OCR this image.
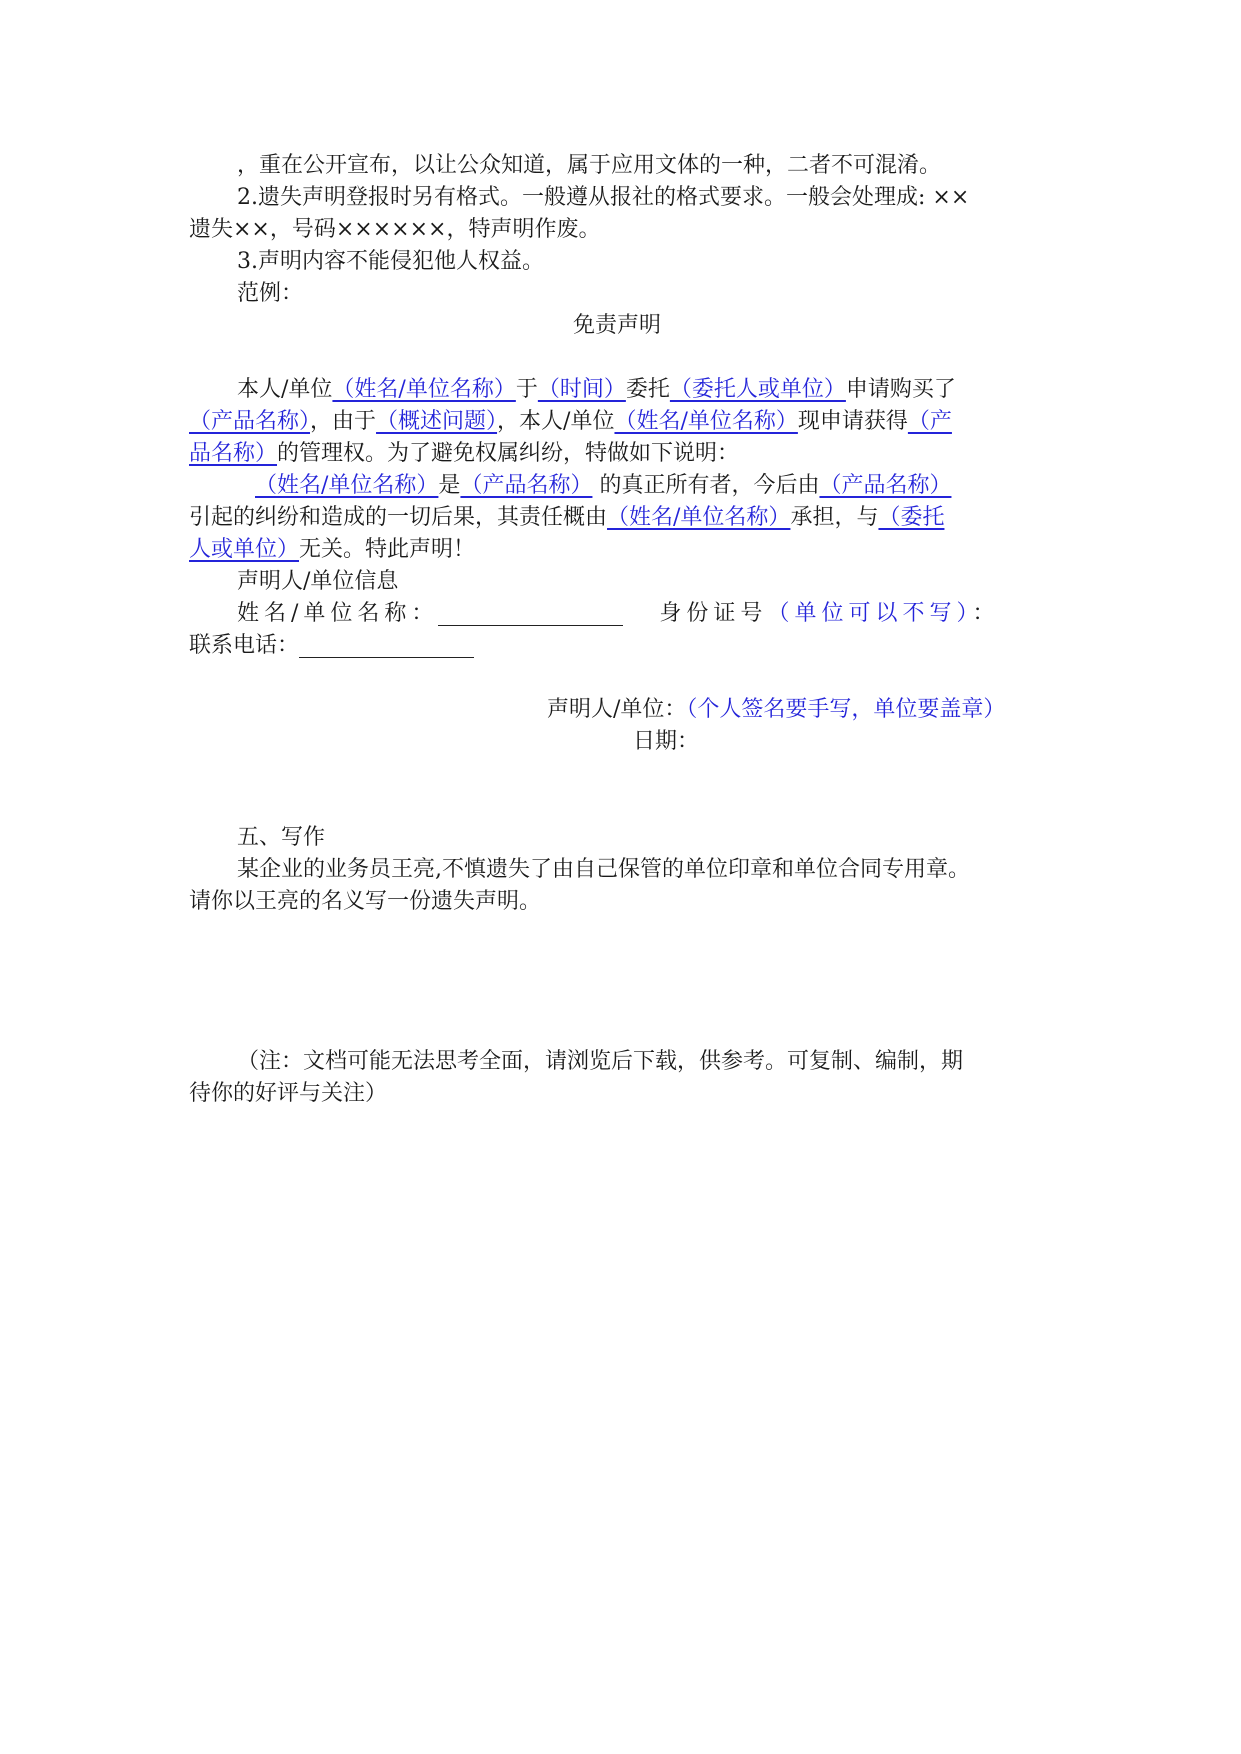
，重在公开宣布，以让公众知道，属于应用文体的一种，二者不可混淆。
2.遗失声明登报时另有格式。一般遵从报社的格式要求。一般会处理成: ××
遗失××，号码××××××，特声明作废。
3.声明内容不能侵犯他人权益。
范例：
免责声明
本人/单位（姓名/单位名称）于（时间）委托（委托人或单位）申请购买了
（产品名称），由于（概述问题），本人/单位（姓名/单位名称）现申请获得（产
品名称）的管理权。为了避免权属纠纷，特做如下说明：
（姓名/单位名称）是（产品名称） 的真正所有者，今后由（产品名称）
引起的纠纷和造成的一切后果，其责任概由（姓名/单位名称）承担，与（委托
人或单位）无关。特此声明！
声明人/单位信息
姓名/单位名称：	身份证号（单位可以不写）：
联系电话：
声明人/单位：（个人签名要手写，单位要盖章）
日期：
五、写作
某企业的业务员王亮,不慎遗失了由自己保管的单位印章和单位合同专用章。
请你以王亮的名义写一份遗失声明。
（注：文档可能无法思考全面，请浏览后下载，供参考。可复制、编制，期
待你的好评与关注）
